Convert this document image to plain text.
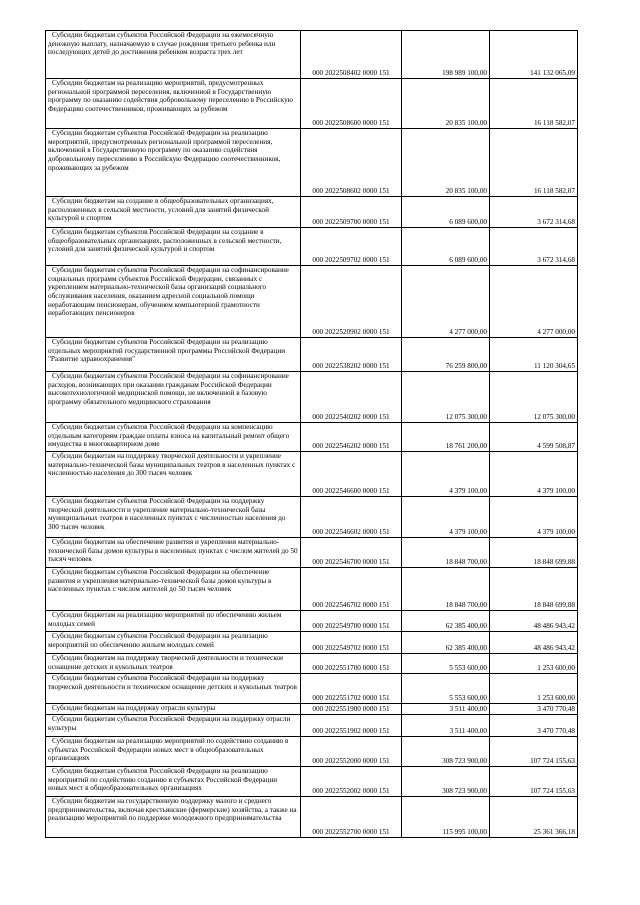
Субсидии бюджетам субъектов Российской Федерации на ежемесячную денежную выплату, назначаемую в случае рождения третьего ребенка или последующих детей до достижения ребенком возраста трех лет	000 2022508402 0000 151	198 989 100,00	141 132 065,09
Субсидии бюджетам на реализацию мероприятий, предусмотренных региональной программой переселения, включенной в Государственную программу по оказанию содействия добровольному переселению в Российскую Федерацию соотечественников, проживающих за рубежом	000 2022508600 0000 151	20 835 100,00	16 118 582,07
Субсидии бюджетам субъектов Российской Федерации на реализацию мероприятий, предусмотренных региональной программой переселения, включенной в Государственную программу по оказанию содействия добровольному переселению в Российскую Федерацию соотечественников, проживающих за рубежом	000 2022508602 0000 151	20 835 100,00	16 118 582,07
Субсидии бюджетам на создание в общеобразовательных организациях, расположенных в сельской местности, условий для занятий физической культурой и спортом	000 2022509700 0000 151	6 089 600,00	3 672 314,68
Субсидии бюджетам субъектов Российской Федерации на создание в общеобразовательных организациях, расположенных в сельской местности, условий для занятий физической культурой и спортом	000 2022509702 0000 151	6 089 600,00	3 672 314,68
Субсидии бюджетам субъектов Российской Федерации на софинансирование социальных программ субъектов Российской Федерации, связанных с укреплением материально-технической базы организаций социального обслуживания населения, оказанием адресной социальной помощи неработающим пенсионерам, обучением компьютерной грамотности неработающих пенсионеров	000 2022520902 0000 151	4 277 000,00	4 277 000,00
Субсидии бюджетам субъектов Российской Федерации на реализацию отдельных мероприятий государственной программы Российской Федерации "Развитие здравоохранения"	000 2022538202 0000 151	76 259 800,00	11 120 304,65
Субсидии бюджетам субъектов Российской Федерации на софинансирование расходов, возникающих при оказании гражданам Российской Федерации высокотехнологичной медицинской помощи, не включенной в базовую программу обязательного медицинского страхования	000 2022540202 0000 151	12 075 300,00	12 075 300,00
Субсидии бюджетам субъектов Российской Федерации на компенсацию отдельным категориям граждан оплаты взноса на капитальный ремонт общего имущества в многоквартирном доме	000 2022546202 0000 151	18 761 200,00	4 599 508,87
Субсидии бюджетам на поддержку творческой деятельности и укрепление материально-технической базы муниципальных театров в населенных пунктах с численностью населения до 300 тысяч человек	000 2022546600 0000 151	4 379 100,00	4 379 100,00
Субсидии бюджетам субъектов Российской Федерации на поддержку творческой деятельности и укрепление материально-технической базы муниципальных театров в населенных пунктах с численностью населения до 300 тысяч человек	000 2022546602 0000 151	4 379 100,00	4 379 100,00
Субсидии бюджетам на обеспечение развития и укрепления материально-технической базы домов культуры в населенных пунктах с числом жителей до 50 тысяч человек	000 2022546700 0000 151	18 848 700,00	18 848 699,88
Субсидии бюджетам субъектов Российской Федерации на обеспечение развития и укрепления материально-технической базы домов культуры в населенных пунктах с числом жителей до 50 тысяч человек	000 2022546702 0000 151	18 848 700,00	18 848 699,88
Субсидии бюджетам на реализацию мероприятий по обеспечению жильем молодых семей	000 2022549700 0000 151	62 385 400,00	48 486 943,42
Субсидии бюджетам субъектов Российской Федерации на реализацию мероприятий по обеспечению жильем молодых семей	000 2022549702 0000 151	62 385 400,00	48 486 943,42
Субсидии бюджетам на поддержку творческой деятельности и техническое оснащение детских и кукольных театров	000 2022551700 0000 151	5 553 600,00	1 253 600,00
Субсидии бюджетам субъектов Российской Федерации на поддержку творческой деятельности и техническое оснащение детских и кукольных театров	000 2022551702 0000 151	5 553 600,00	1 253 600,00
Субсидии бюджетам на поддержку отрасли культуры	000 2022551900 0000 151	3 511 400,00	3 470 770,48
Субсидии бюджетам субъектов Российской Федерации на поддержку отрасли культуры	000 2022551902 0000 151	3 511 400,00	3 470 770,48
Субсидии бюджетам на реализацию мероприятий по содействию созданию в субъектах Российской Федерации новых мест в общеобразовательных организациях	000 2022552000 0000 151	308 723 900,00	107 724 155,63
Субсидии бюджетам субъектов Российской Федерации на реализацию мероприятий по содействию созданию в субъектах Российской Федерации новых мест в общеобразовательных организациях	000 2022552002 0000 151	308 723 900,00	107 724 155,63
Субсидии бюджетам на государственную поддержку малого и среднего предпринимательства, включая крестьянские (фермерские) хозяйства, а также на реализацию мероприятий по поддержке молодежного предпринимательства	000 2022552700 0000 151	115 995 100,00	25 361 366,18
